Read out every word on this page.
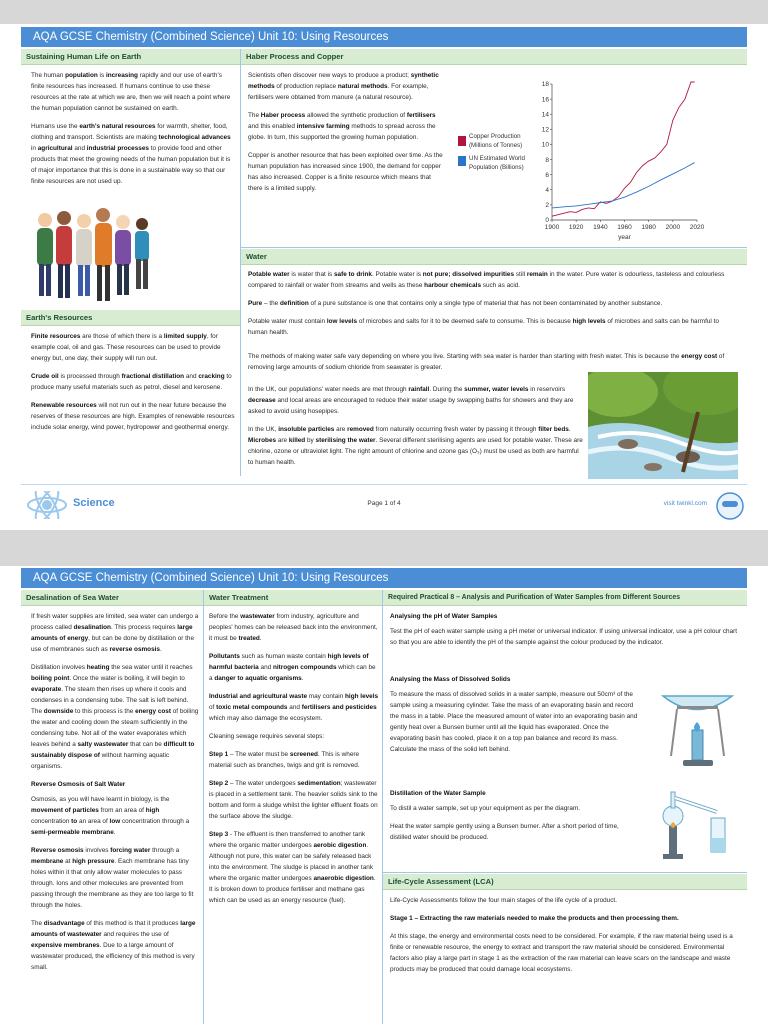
AQA GCSE Chemistry (Combined Science) Unit 10: Using Resources
Sustaining Human Life on Earth

The human population is increasing rapidly and our use of earth's finite resources has increased. If humans continue to use these resources at the rate at which we are, then we will reach a point where the human population cannot be sustained on earth.

Humans use the earth's natural resources for warmth, shelter, food, clothing and transport. Scientists are making technological advances in agricultural and industrial processes to provide food and other products that meet the growing needs of the human population but it is of major importance that this is done in a sustainable way so that our finite resources are not used up.

Earth's Resources

Finite resources are those of which there is a limited supply, for example coal, oil and gas. These resources can be used to provide energy but, one day, their supply will run out.

Crude oil is processed through fractional distillation and cracking to produce many useful materials such as petrol, diesel and kerosene.

Renewable resources will not run out in the near future because the reserves of these resources are high. Examples of renewable resources include solar energy, wind power, hydropower and geothermal energy.

Haber Process and Copper

Scientists often discover new ways to produce a product; synthetic methods of production replace natural methods. For example, fertilisers were obtained from manure (a natural resource).

The Haber process allowed the synthetic production of fertilisers and this enabled intensive farming methods to spread across the globe. In turn, this supported the growing human population.

Copper is another resource that has been exploited over time. As the human population has increased since 1900, the demand for copper has also increased. Copper is a finite resource which means that there is a limited supply.

Copper Production (Millions of Tonnes)
UN Estimated World Population (Billions)
0
2
4
6
8
10
12
14
16
18
1900 1920 1940 1960 1980 2000 2020
year
Water

Potable water is water that is safe to drink. Potable water is not pure; dissolved impurities still remain in the water. Pure water is odourless, tasteless and colourless compared to rainfall or water from streams and wells as these harbour chemicals such as acid.

Pure – the definition of a pure substance is one that contains only a single type of material that has not been contaminated by another substance.

Potable water must contain low levels of microbes and salts for it to be deemed safe to consume. This is because high levels of microbes and salts can be harmful to human health.

The methods of making water safe vary depending on where you live. Starting with sea water is harder than starting with fresh water. This is because the energy cost of removing large amounts of sodium chloride from seawater is greater.

In the UK, our populations' water needs are met through rainfall. During the summer, water levels in reservoirs decrease and local areas are encouraged to reduce their water usage by swapping baths for showers and they are asked to avoid using hosepipes.

In the UK, insoluble particles are removed from naturally occurring fresh water by passing it through filter beds. Microbes are killed by sterilising the water. Several different sterilising agents are used for potable water. These are chlorine, ozone or ultraviolet light. The right amount of chlorine and ozone gas (O₃) must be used as both are harmful to human health.

Science	Page 1 of 4	visit twinkl.com
AQA GCSE Chemistry (Combined Science) Unit 10: Using Resources
Desalination of Sea Water

If fresh water supplies are limited, sea water can undergo a process called desalination. This process requires large amounts of energy, but can be done by distillation or the use of membranes such as reverse osmosis.

Distillation involves heating the sea water until it reaches boiling point. Once the water is boiling, it will begin to evaporate. The steam then rises up where it cools and condenses in a condensing tube. The salt is left behind. The downside to this process is the energy cost of boiling the water and cooling down the steam sufficiently in the condensing tube. Not all of the water evaporates which leaves behind a salty wastewater that can be difficult to sustainably dispose of without harming aquatic organisms.

Reverse Osmosis of Salt Water

Osmosis, as you will have learnt in biology, is the movement of particles from an area of high concentration to an area of low concentration through a semi-permeable membrane.

Reverse osmosis involves forcing water through a membrane at high pressure. Each membrane has tiny holes within it that only allow water molecules to pass through. Ions and other molecules are prevented from passing through the membrane as they are too large to fit through the holes.

The disadvantage of this method is that it produces large amounts of wastewater and requires the use of expensive membranes. Due to a large amount of wastewater produced, the efficiency of this method is very small.

Water Treatment

Before the wastewater from industry, agriculture and peoples' homes can be released back into the environment, it must be treated.

Pollutants such as human waste contain high levels of harmful bacteria and nitrogen compounds which can be a danger to aquatic organisms.

Industrial and agricultural waste may contain high levels of toxic metal compounds and fertilisers and pesticides which may also damage the ecosystem.

Cleaning sewage requires several steps:

Step 1 – The water must be screened. This is where material such as branches, twigs and grit is removed.

Step 2 – The water undergoes sedimentation; wastewater is placed in a settlement tank. The heavier solids sink to the bottom and form a sludge whilst the lighter effluent floats on the surface above the sludge.

Step 3 - The effluent is then transferred to another tank where the organic matter undergoes aerobic digestion. Although not pure, this water can be safely released back into the environment. The sludge is placed in another tank where the organic matter undergoes anaerobic digestion. It is broken down to produce fertiliser and methane gas which can be used as an energy resource (fuel).

Required Practical 8 – Analysis and Purification of Water Samples from Different Sources

Analysing the pH of Water Samples

Test the pH of each water sample using a pH meter or universal indicator. If using universal indicator, use a pH colour chart so that you are able to identify the pH of the sample against the colour produced by the indicator.

Analysing the Mass of Dissolved Solids

To measure the mass of dissolved solids in a water sample, measure out 50cm³ of the sample using a measuring cylinder. Take the mass of an evaporating basin and record the mass in a table. Place the measured amount of water into an evaporating basin and gently heat over a Bunsen burner until all the liquid has evaporated. Once the evaporating basin has cooled, place it on a top pan balance and record its mass. Calculate the mass of the solid left behind.

Distillation of the Water Sample

To distil a water sample, set up your equipment as per the diagram.

Heat the water sample gently using a Bunsen burner. After a short period of time, distilled water should be produced.

Life-Cycle Assessment (LCA)

Life-Cycle Assessments follow the four main stages of the life cycle of a product.

Stage 1 – Extracting the raw materials needed to make the products and then processing them.

At this stage, the energy and environmental costs need to be considered. For example, if the raw material being used is a finite or renewable resource, the energy to extract and transport the raw material should be considered. Environmental factors also play a large part in stage 1 as the extraction of the raw material can leave scars on the landscape and waste products may be produced that could damage local ecosystems.
